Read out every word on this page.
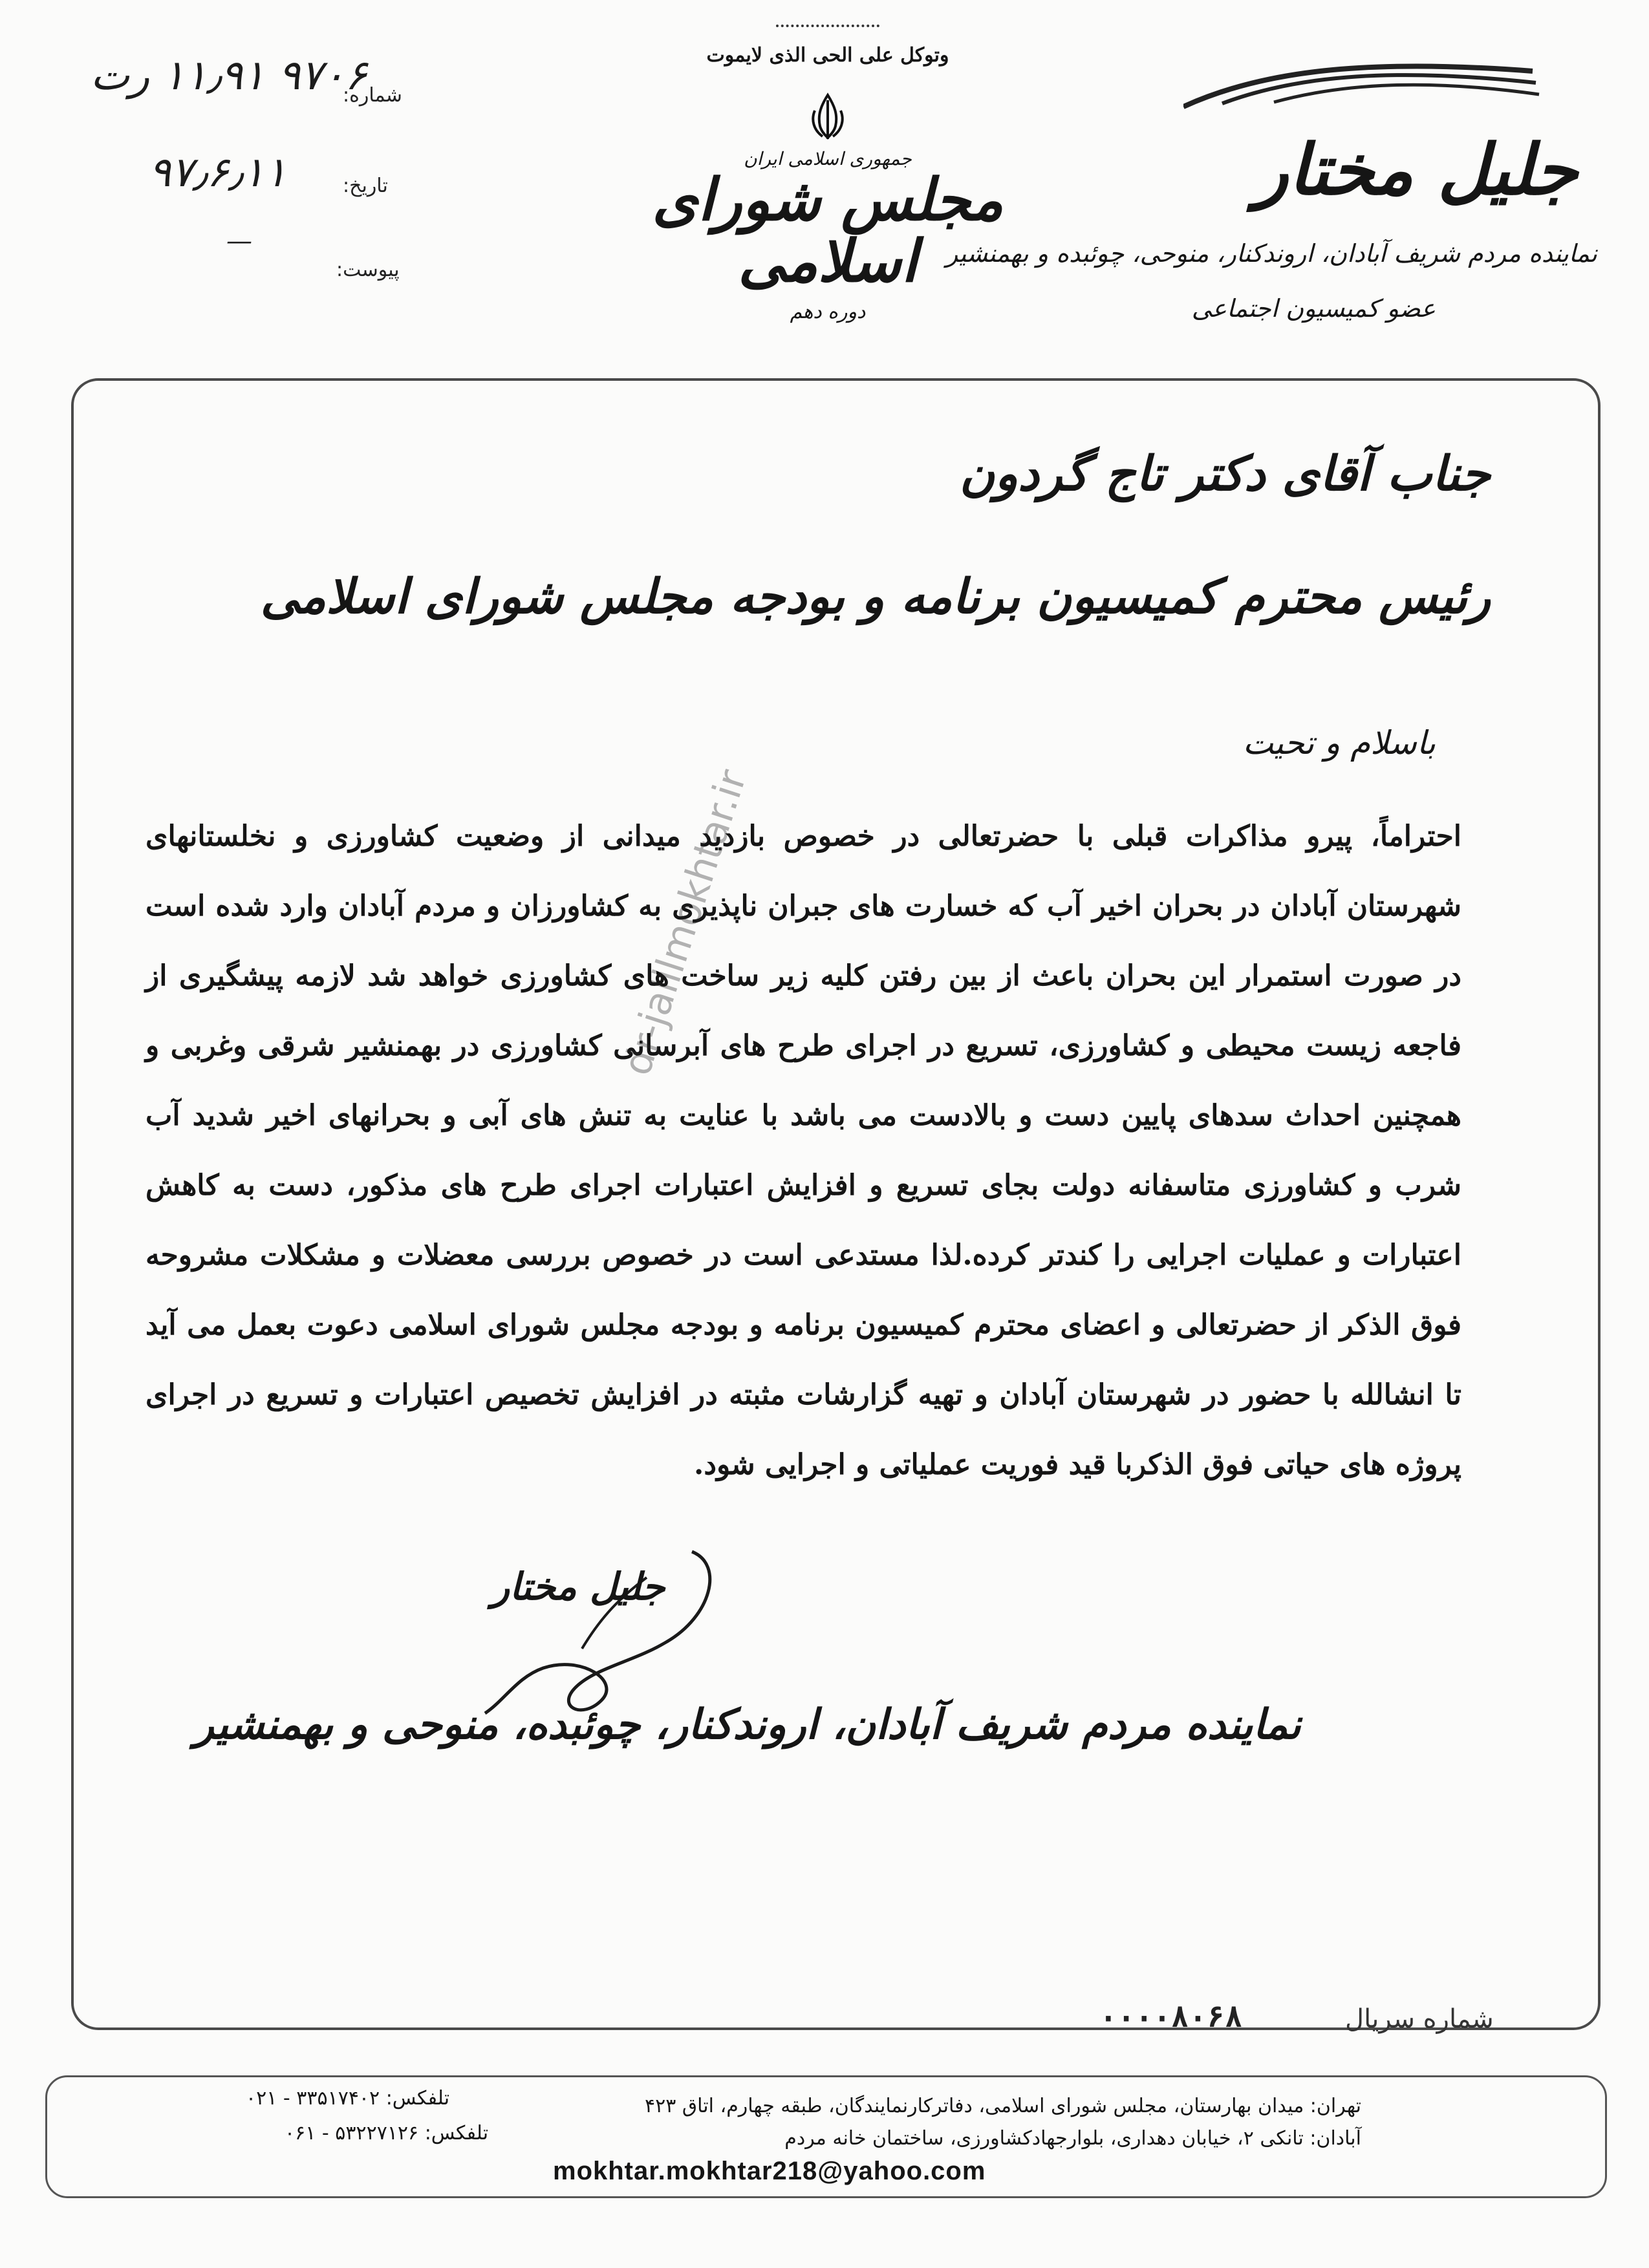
۹۷۰۶ ۱۱٫۹۱ رت
شماره:
۹۷٫۶٫۱۱	تاریخ:
—
پیوست:
وتوکل علی الحی الذی لایموت
جمهوری اسلامی ایران
مجلس شورای اسلامی
دوره دهم
جلیل مختار
نماینده مردم شریف آبادان، اروندکنار، منوحی، چوئبده و بهمنشیر
عضو کمیسیون اجتماعی
جناب آقای دکتر تاج گردون
رئیس محترم کمیسیون برنامه و بودجه مجلس شورای اسلامی
باسلام و تحیت
احتراماً، پیرو مذاکرات قبلی با حضرتعالی در خصوص بازدید میدانی از وضعیت کشاورزی و نخلستانهای شهرستان آبادان در بحران اخیر آب که خسارت های جبران ناپذیری به کشاورزان و مردم آبادان وارد شده است در صورت استمرار این بحران باعث از بین رفتن کلیه زیر ساخت های کشاورزی خواهد شد لازمه پیشگیری از فاجعه زیست محیطی و کشاورزی، تسریع در اجرای طرح های آبرسانی کشاورزی در بهمنشیر شرقی وغربی و همچنین احداث سدهای پایین دست و بالادست می باشد با عنایت به تنش های آبی و بحرانهای اخیر شدید آب شرب و کشاورزی متاسفانه دولت بجای تسریع و افزایش اعتبارات اجرای طرح های مذکور، دست به کاهش اعتبارات و عملیات اجرایی را کندتر کرده.لذا مستدعی است در خصوص بررسی معضلات و مشکلات مشروحه فوق الذکر از حضرتعالی و اعضای محترم کمیسیون برنامه و بودجه مجلس شورای اسلامی دعوت بعمل می آید تا انشالله با حضور در شهرستان آبادان و تهیه گزارشات مثبته در افزایش تخصیص اعتبارات و تسریع در اجرای پروژه های حیاتی فوق الذکربا قید فوریت عملیاتی و اجرایی شود.
dr-jalilmokhtar.ir
جلیل مختار
نماینده مردم شریف آبادان، اروندکنار، چوئبده، منوحی و بهمنشیر
۰۰۰۰۸۰۶۸	شماره سریال
تهران: میدان بهارستان، مجلس شورای اسلامی، دفاترکارنمایندگان، طبقه چهارم، اتاق ۴۲۳
تلفکس: ۳۳۵۱۷۴۰۲ - ۰۲۱
آبادان: تانکی ۲، خیابان دهداری، بلوارجهادکشاورزی، ساختمان خانه مردم
تلفکس: ۵۳۲۲۷۱۲۶ - ۰۶۱
mokhtar.mokhtar218@yahoo.com
